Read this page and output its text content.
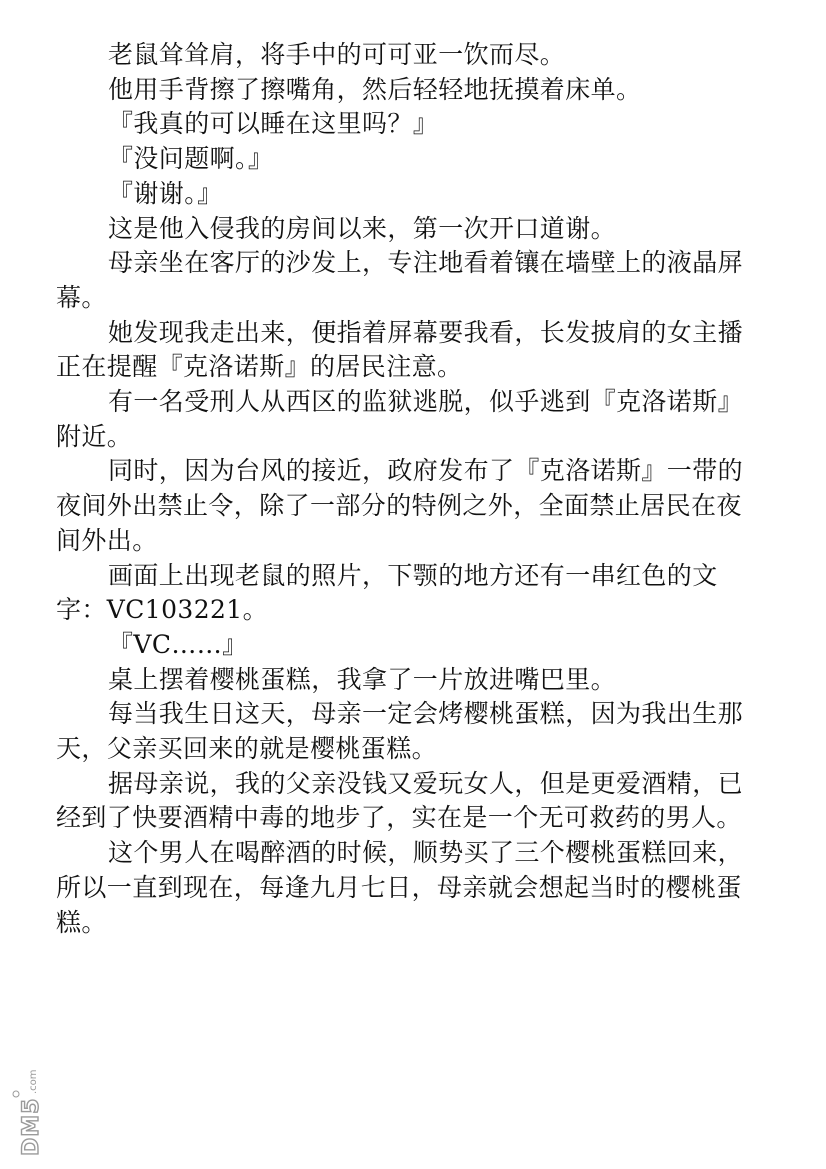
老鼠耸耸肩，将手中的可可亚一饮而尽。

他用手背擦了擦嘴角，然后轻轻地抚摸着床单。

『我真的可以睡在这里吗？』

『没问题啊。』

『谢谢。』

这是他入侵我的房间以来，第一次开口道谢。

母亲坐在客厅的沙发上，专注地看着镶在墙壁上的液晶屏幕。

她发现我走出来，便指着屏幕要我看，长发披肩的女主播正在提醒『克洛诺斯』的居民注意。

有一名受刑人从西区的监狱逃脱，似乎逃到『克洛诺斯』附近。

同时，因为台风的接近，政府发布了『克洛诺斯』一带的夜间外出禁止令，除了一部分的特例之外，全面禁止居民在夜间外出。

画面上出现老鼠的照片，下颚的地方还有一串红色的文字：VC103221。

『VC……』

桌上摆着樱桃蛋糕，我拿了一片放进嘴巴里。

每当我生日这天，母亲一定会烤樱桃蛋糕，因为我出生那天，父亲买回来的就是樱桃蛋糕。

据母亲说，我的父亲没钱又爱玩女人，但是更爱酒精，已经到了快要酒精中毒的地步了，实在是一个无可救药的男人。

这个男人在喝醉酒的时候，顺势买了三个樱桃蛋糕回来，所以一直到现在，每逢九月七日，母亲就会想起当时的樱桃蛋糕。

DM5
.com
